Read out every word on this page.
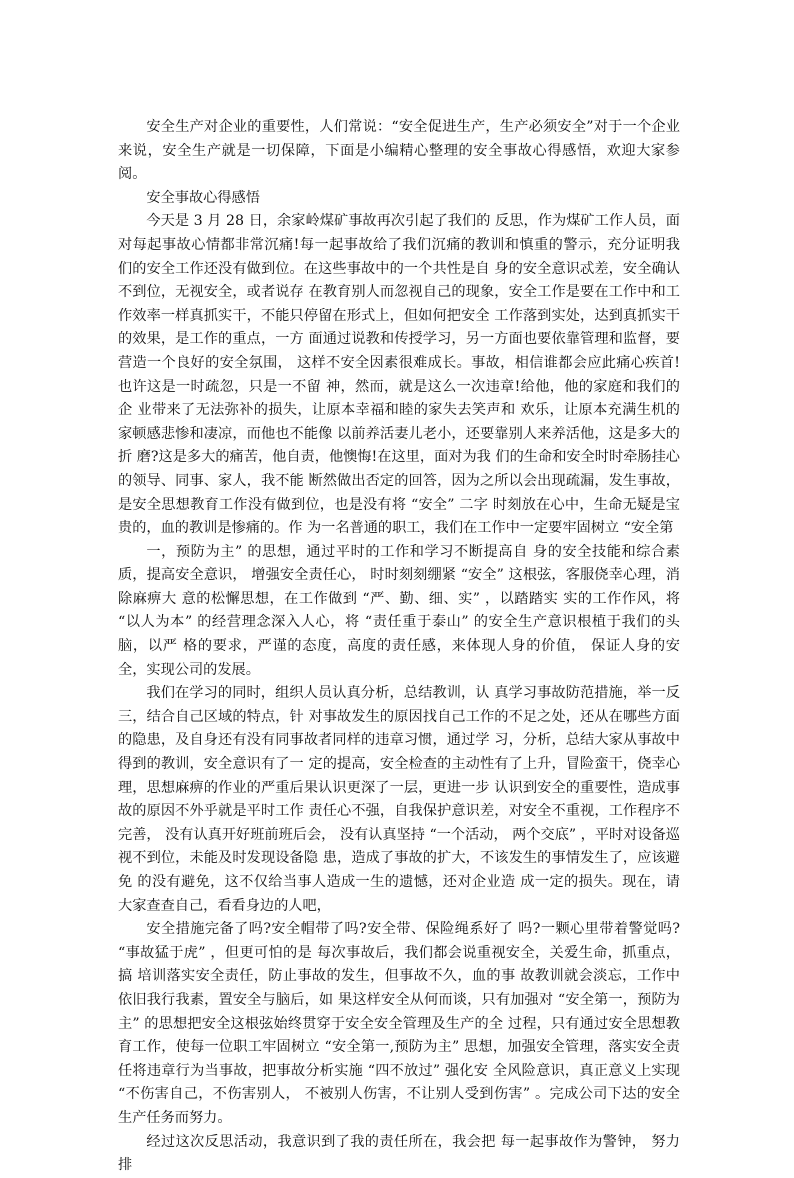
安全生产对企业的重要性，人们常说：“安全促进生产，生产必须安全”对于一个企业来说，安全生产就是一切保障，下面是小编精心整理的安全事故心得感悟，欢迎大家参阅。

安全事故心得感悟

今天是 3 月 28 日，余家岭煤矿事故再次引起了我们的 反思，作为煤矿工作人员，面对每起事故心情都非常沉痛!每一起事故给了我们沉痛的教训和慎重的警示，充分证明我 们的安全工作还没有做到位。在这些事故中的一个共性是自 身的安全意识忒差，安全确认不到位，无视安全，或者说存 在教育别人而忽视自己的现象，安全工作是要在工作中和工 作效率一样真抓实干，不能只停留在形式上，但如何把安全 工作落到实处，达到真抓实干的效果，是工作的重点，一方 面通过说教和传授学习，另一方面也要依靠管理和监督，要 营造一个良好的安全氛围， 这样不安全因素很难成长。事故，相信谁都会应此痛心疾首!也许这是一时疏忽，只是一不留 神，然而，就是这么一次违章!给他，他的家庭和我们的企 业带来了无法弥补的损失，让原本幸福和睦的家失去笑声和 欢乐，让原本充满生机的家顿感悲惨和凄凉，而他也不能像 以前养活妻儿老小，还要靠别人来养活他，这是多大的折 磨?这是多大的痛苦，他自责，他懊悔!在这里，面对为我 们的生命和安全时时牵肠挂心的领导、同事、家人，我不能 断然做出否定的回答，因为之所以会出现疏漏，发生事故，是安全思想教育工作没有做到位，也是没有将 “安全” 二字 时刻放在心中，生命无疑是宝贵的，血的教训是惨痛的。作 为一名普通的职工，我们在工作中一定要牢固树立 “安全第

一，预防为主” 的思想，通过平时的工作和学习不断提高自 身的安全技能和综合素质，提高安全意识， 增强安全责任心， 时时刻刻绷紧 “安全” 这根弦，客服侥幸心理，消除麻痹大 意的松懈思想，在工作做到 “严、勤、细、实” ，以踏踏实 实的工作作风，将 “以人为本” 的经营理念深入人心，将 “责任重于泰山” 的安全生产意识根植于我们的头脑，以严 格的要求，严谨的态度，高度的责任感，来体现人身的价值， 保证人身的安全，实现公司的发展。

我们在学习的同时，组织人员认真分析，总结教训，认 真学习事故防范措施，举一反三，结合自己区域的特点，针 对事故发生的原因找自己工作的不足之处，还从在哪些方面的隐患，及自身还有没有同事故者同样的违章习惯，通过学 习，分析，总结大家从事故中得到的教训，安全意识有了一 定的提高，安全检查的主动性有了上升，冒险蛮干，侥幸心理，思想麻痹的作业的严重后果认识更深了一层，更进一步 认识到安全的重要性，造成事故的原因不外乎就是平时工作 责任心不强，自我保护意识差，对安全不重视，工作程序不完善， 没有认真开好班前班后会， 没有认真坚持 “一个活动， 两个交底” ，平时对设备巡视不到位，未能及时发现设备隐 患，造成了事故的扩大，不该发生的事情发生了，应该避免 的没有避免，这不仅给当事人造成一生的遗憾，还对企业造 成一定的损失。现在，请大家查查自己，看看身边的人吧，

安全措施完备了吗?安全帽带了吗?安全带、保险绳系好了 吗?一颗心里带着警觉吗? “事故猛于虎” ，但更可怕的是 每次事故后，我们都会说重视安全，关爱生命，抓重点，搞 培训落实安全责任，防止事故的发生，但事故不久，血的事 故教训就会淡忘，工作中依旧我行我素，置安全与脑后，如 果这样安全从何而谈，只有加强对 “安全第一，预防为主” 的思想把安全这根弦始终贯穿于安全安全管理及生产的全 过程，只有通过安全思想教育工作，使每一位职工牢固树立 “安全第一,预防为主” 思想，加强安全管理，落实安全责 任将违章行为当事故，把事故分析实施 “四不放过” 强化安 全风险意识，真正意义上实现 “不伤害自己，不伤害别人， 不被别人伤害，不让别人受到伤害” 。完成公司下达的安全 生产任务而努力。

经过这次反思活动，我意识到了我的责任所在，我会把 每一起事故作为警钟， 努力排
